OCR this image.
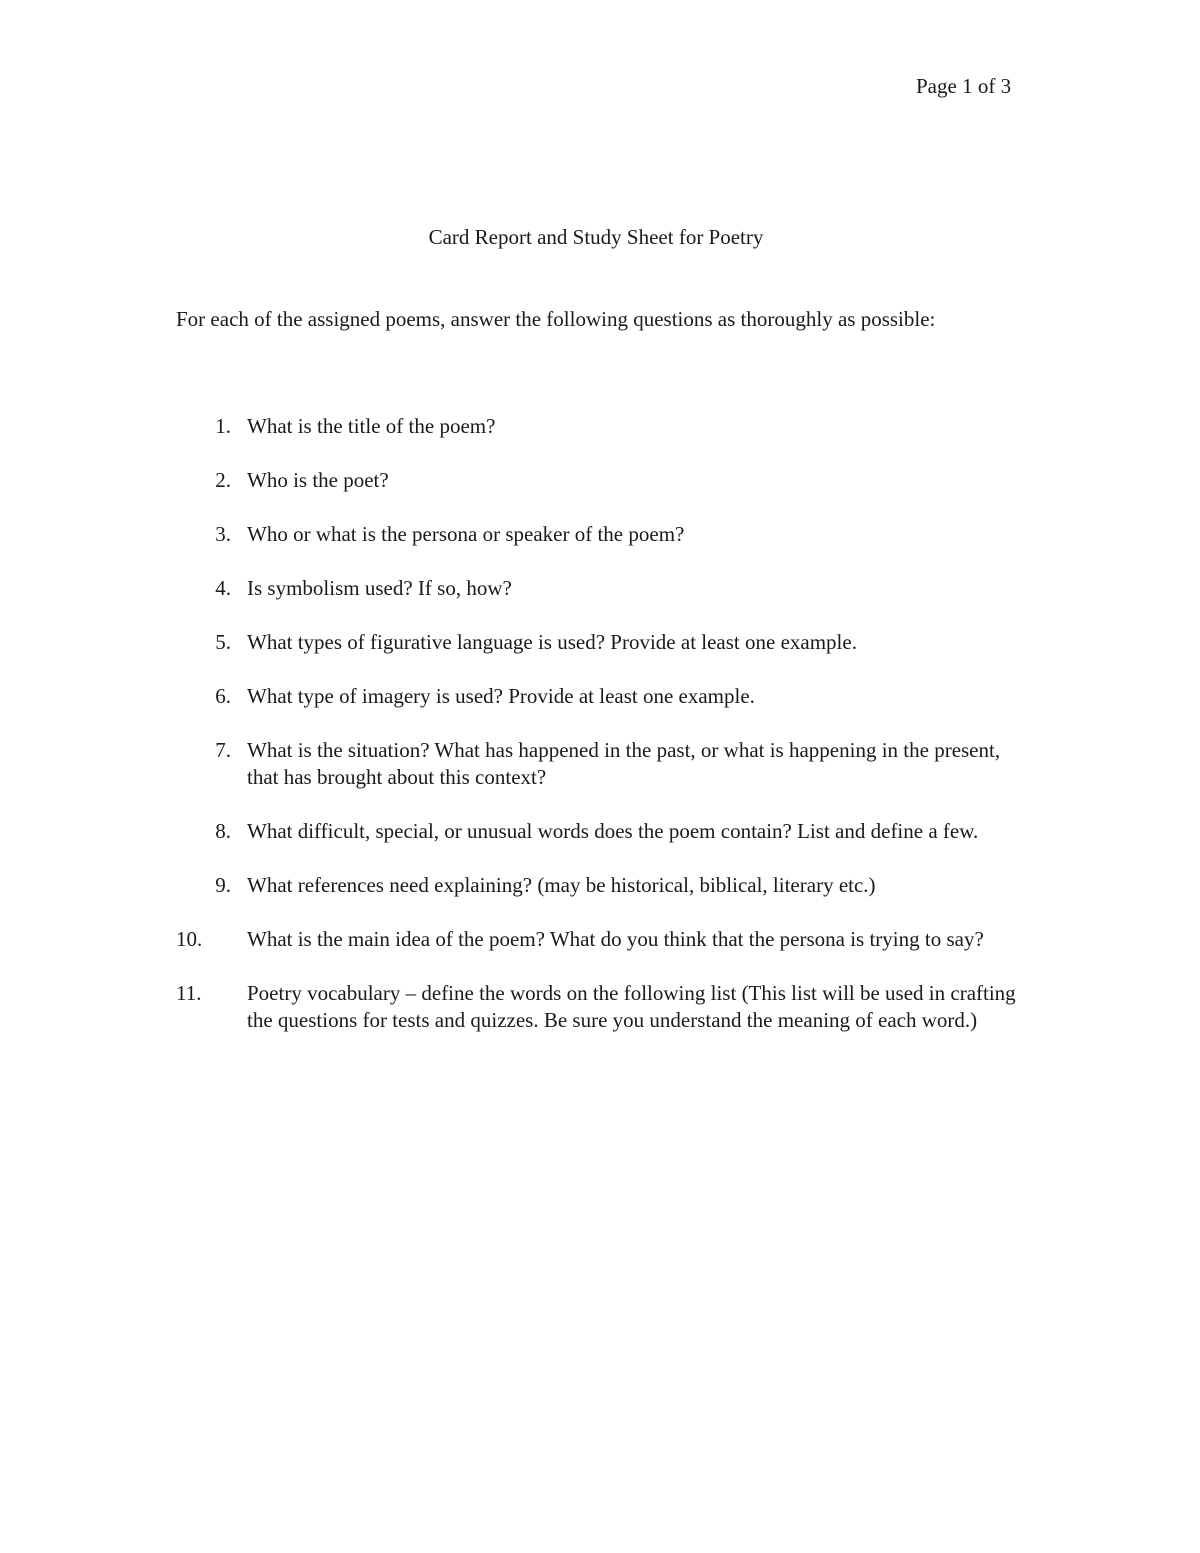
Page 1 of 3
Card Report and Study Sheet for Poetry

For each of the assigned poems, answer the following questions as thoroughly as possible:

1. What is the title of the poem?
2. Who is the poet?
3. Who or what is the persona or speaker of the poem?
4. Is symbolism used? If so, how?
5. What types of figurative language is used? Provide at least one example.
6. What type of imagery is used? Provide at least one example.
7. What is the situation? What has happened in the past, or what is happening in the present, that has brought about this context?
8. What difficult, special, or unusual words does the poem contain? List and define a few.
9. What references need explaining? (may be historical, biblical, literary etc.)
10. What is the main idea of the poem? What do you think that the persona is trying to say?
11. Poetry vocabulary – define the words on the following list (This list will be used in crafting the questions for tests and quizzes. Be sure you understand the meaning of each word.)
